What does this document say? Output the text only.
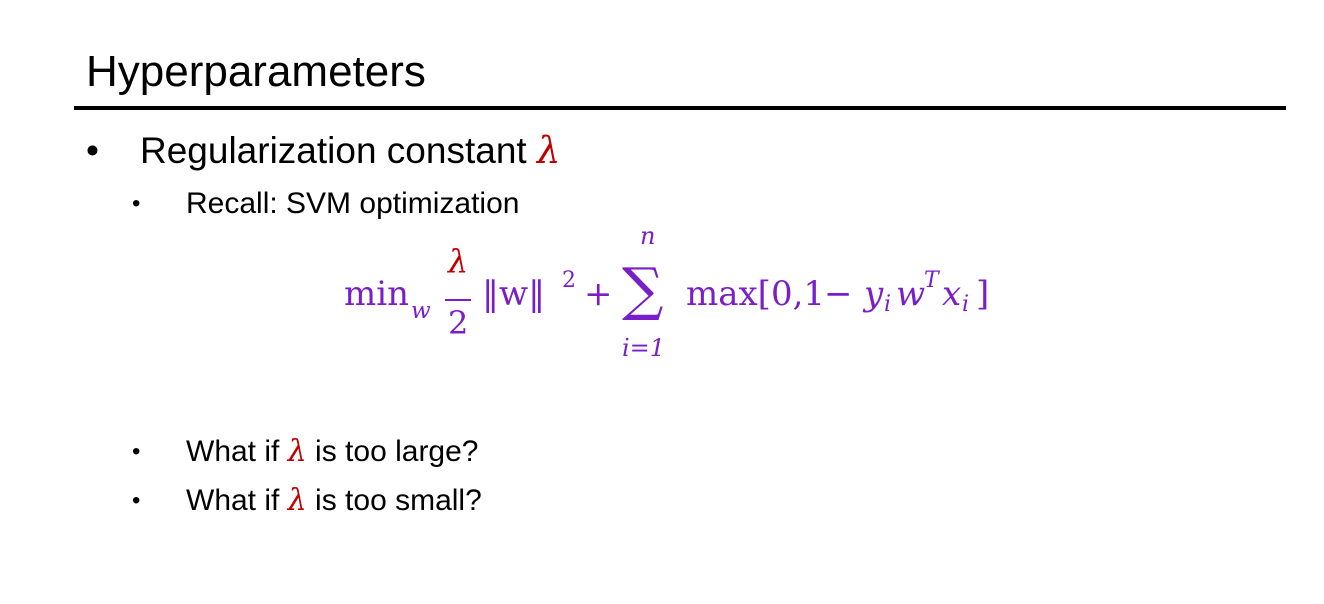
Hyperparameters
• Regularization constant λ
• Recall: SVM optimization
min w
λ
2
‖w‖ 2 +
n
∑
i=1
max[0,1
− y i w
T x i ]
• What if λ is too large?
• What if λ is too small?
